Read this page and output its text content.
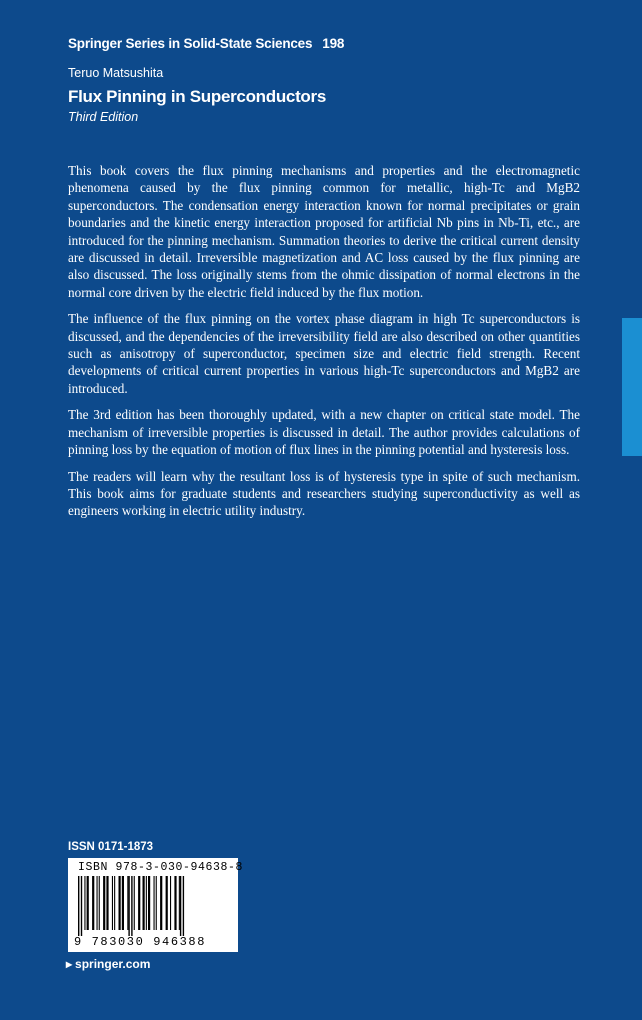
Springer Series in Solid-State Sciences 198
Teruo Matsushita
Flux Pinning in Superconductors
Third Edition

This book covers the flux pinning mechanisms and properties and the electromagnetic phenomena caused by the flux pinning common for metallic, high-Tc and MgB2 superconductors. The condensation energy interaction known for normal precipitates or grain boundaries and the kinetic energy interaction proposed for artificial Nb pins in Nb-Ti, etc., are introduced for the pinning mechanism. Summation theories to derive the critical current density are discussed in detail. Irreversible magnetization and AC loss caused by the flux pinning are also discussed. The loss originally stems from the ohmic dissipation of normal electrons in the normal core driven by the electric field induced by the flux motion.

The influence of the flux pinning on the vortex phase diagram in high Tc superconductors is discussed, and the dependencies of the irreversibility field are also described on other quantities such as anisotropy of superconductor, specimen size and electric field strength. Recent developments of critical current properties in various high-Tc superconductors and MgB2 are introduced.

The 3rd edition has been thoroughly updated, with a new chapter on critical state model. The mechanism of irreversible properties is discussed in detail. The author provides calculations of pinning loss by the equation of motion of flux lines in the pinning potential and hysteresis loss.

The readers will learn why the resultant loss is of hysteresis type in spite of such mechanism. This book aims for graduate students and researchers studying superconductivity as well as engineers working in electric utility industry.

ISSN 0171-1873
ISBN 978-3-030-94638-8
9 783030 946388
▸ springer.com
